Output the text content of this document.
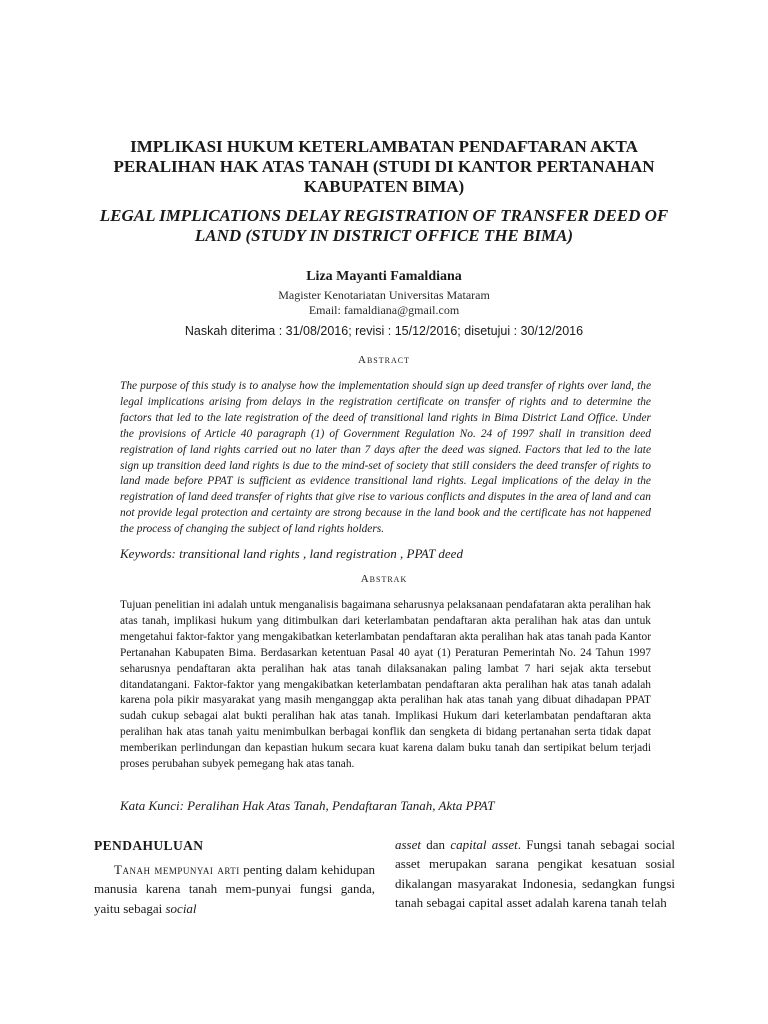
IMPLIKASI HUKUM KETERLAMBATAN PENDAFTARAN AKTA PERALIHAN HAK ATAS TANAH (STUDI DI KANTOR PERTANAHAN KABUPATEN BIMA)
LEGAL IMPLICATIONS DELAY REGISTRATION OF TRANSFER DEED OF LAND (STUDY IN DISTRICT OFFICE THE BIMA)
Liza Mayanti Famaldiana
Magister Kenotariatan Universitas Mataram
Email: famaldiana@gmail.com
Naskah diterima : 31/08/2016; revisi : 15/12/2016; disetujui : 30/12/2016
Abstract

The purpose of this study is to analyse how the implementation should sign up deed transfer of rights over land, the legal implications arising from delays in the registration certificate on transfer of rights and to determine the factors that led to the late registration of the deed of transitional land rights in Bima District Land Office. Under the provisions of Article 40 paragraph (1) of Government Regulation No. 24 of 1997 shall in transition deed registration of land rights carried out no later than 7 days after the deed was signed. Factors that led to the late sign up transition deed land rights is due to the mind-set of society that still considers the deed transfer of rights to land made before PPAT is sufficient as evidence transitional land rights. Legal implications of the delay in the registration of land deed transfer of rights that give rise to various conflicts and disputes in the area of land and can not provide legal protection and certainty are strong because in the land book and the certificate has not happened the process of changing the subject of land rights holders.

Keywords: transitional land rights , land registration , PPAT deed
Abstrak

Tujuan penelitian ini adalah untuk menganalisis bagaimana seharusnya pelaksanaan pendafataran akta peralihan hak atas tanah, implikasi hukum yang ditimbulkan dari keterlambatan pendaftaran akta peralihan hak atas dan untuk mengetahui faktor-faktor yang mengakibatkan keterlambatan pendaftaran akta peralihan hak atas tanah pada Kantor Pertanahan Kabupaten Bima. Berdasarkan ketentuan Pasal 40 ayat (1) Peraturan Pemerintah No. 24 Tahun 1997 seharusnya pendaftaran akta peralihan hak atas tanah dilaksanakan paling lambat 7 hari sejak akta tersebut ditandatangani. Faktor-faktor yang mengakibatkan keterlambatan pendaftaran akta peralihan hak atas tanah adalah karena pola pikir masyarakat yang masih menganggap akta peralihan hak atas tanah yang dibuat dihadapan PPAT sudah cukup sebagai alat bukti peralihan hak atas tanah. Implikasi Hukum dari keterlambatan pendaftaran akta peralihan hak atas tanah yaitu menimbulkan berbagai konflik dan sengketa di bidang pertanahan serta tidak dapat memberikan perlindungan dan kepastian hukum secara kuat karena dalam buku tanah dan sertipikat belum terjadi proses perubahan subyek pemegang hak atas tanah.

Kata Kunci: Peralihan Hak Atas Tanah, Pendaftaran Tanah, Akta PPAT
PENDAHULUAN

Tanah mempunyai arti penting dalam kehidupan manusia karena tanah mem-punyai fungsi ganda, yaitu sebagai social

asset dan capital asset. Fungsi tanah sebagai social asset merupakan sarana pengikat kesatuan sosial dikalangan masyarakat Indonesia, sedangkan fungsi tanah sebagai capital asset adalah karena tanah telah
